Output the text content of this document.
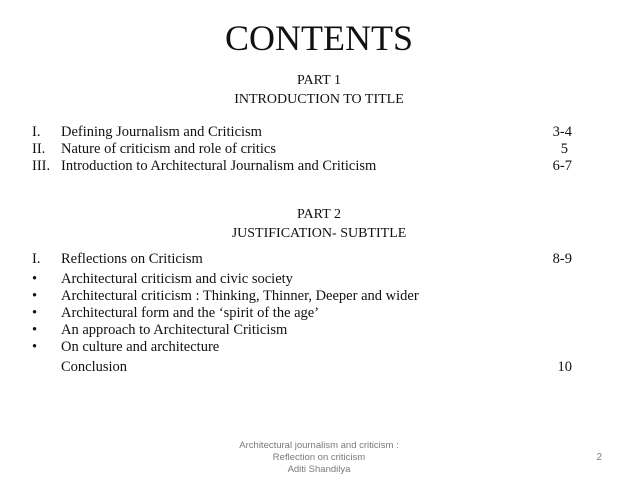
CONTENTS
PART 1
INTRODUCTION TO TITLE
I. Defining Journalism and Criticism	3-4
II. Nature of criticism and role of critics	5
III. Introduction to Architectural Journalism and Criticism	6-7
PART 2
JUSTIFICATION- SUBTITLE
I. Reflections on Criticism	8-9
• Architectural criticism and civic society
• Architectural criticism : Thinking, Thinner, Deeper and wider
• Architectural form and the ‘spirit of the age’
• An approach to Architectural Criticism
• On culture and architecture
Conclusion	10
Architectural journalism and criticism :
Reflection on criticism
Aditi Shandilya
2
